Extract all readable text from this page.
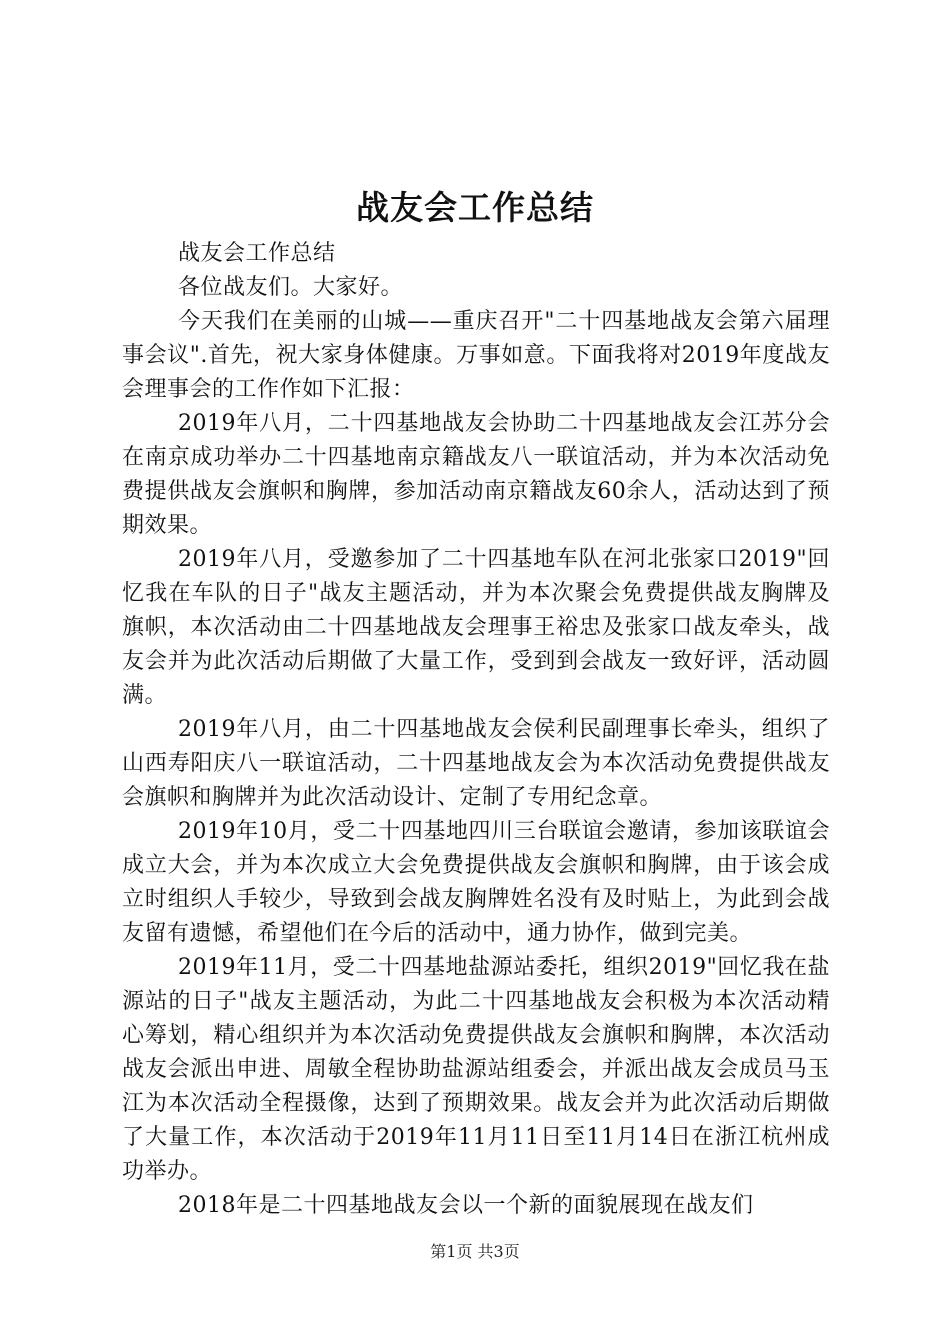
战友会工作总结

战友会工作总结

各位战友们。大家好。

今天我们在美丽的山城——重庆召开"二十四基地战友会第六届理事会议".首先，祝大家身体健康。万事如意。下面我将对2019年度战友会理事会的工作作如下汇报：

2019年八月，二十四基地战友会协助二十四基地战友会江苏分会在南京成功举办二十四基地南京籍战友八一联谊活动，并为本次活动免费提供战友会旗帜和胸牌，参加活动南京籍战友60余人，活动达到了预期效果。

2019年八月，受邀参加了二十四基地车队在河北张家口2019"回忆我在车队的日子"战友主题活动，并为本次聚会免费提供战友胸牌及旗帜，本次活动由二十四基地战友会理事王裕忠及张家口战友牵头，战友会并为此次活动后期做了大量工作，受到到会战友一致好评，活动圆满。

2019年八月，由二十四基地战友会侯利民副理事长牵头，组织了山西寿阳庆八一联谊活动，二十四基地战友会为本次活动免费提供战友会旗帜和胸牌并为此次活动设计、定制了专用纪念章。

2019年10月，受二十四基地四川三台联谊会邀请，参加该联谊会成立大会，并为本次成立大会免费提供战友会旗帜和胸牌，由于该会成立时组织人手较少，导致到会战友胸牌姓名没有及时贴上，为此到会战友留有遗憾，希望他们在今后的活动中，通力协作，做到完美。

2019年11月，受二十四基地盐源站委托，组织2019"回忆我在盐源站的日子"战友主题活动，为此二十四基地战友会积极为本次活动精心筹划，精心组织并为本次活动免费提供战友会旗帜和胸牌，本次活动战友会派出申进、周敏全程协助盐源站组委会，并派出战友会成员马玉江为本次活动全程摄像，达到了预期效果。战友会并为此次活动后期做了大量工作，本次活动于2019年11月11日至11月14日在浙江杭州成功举办。

2018年是二十四基地战友会以一个新的面貌展现在战友们

第1页 共3页
